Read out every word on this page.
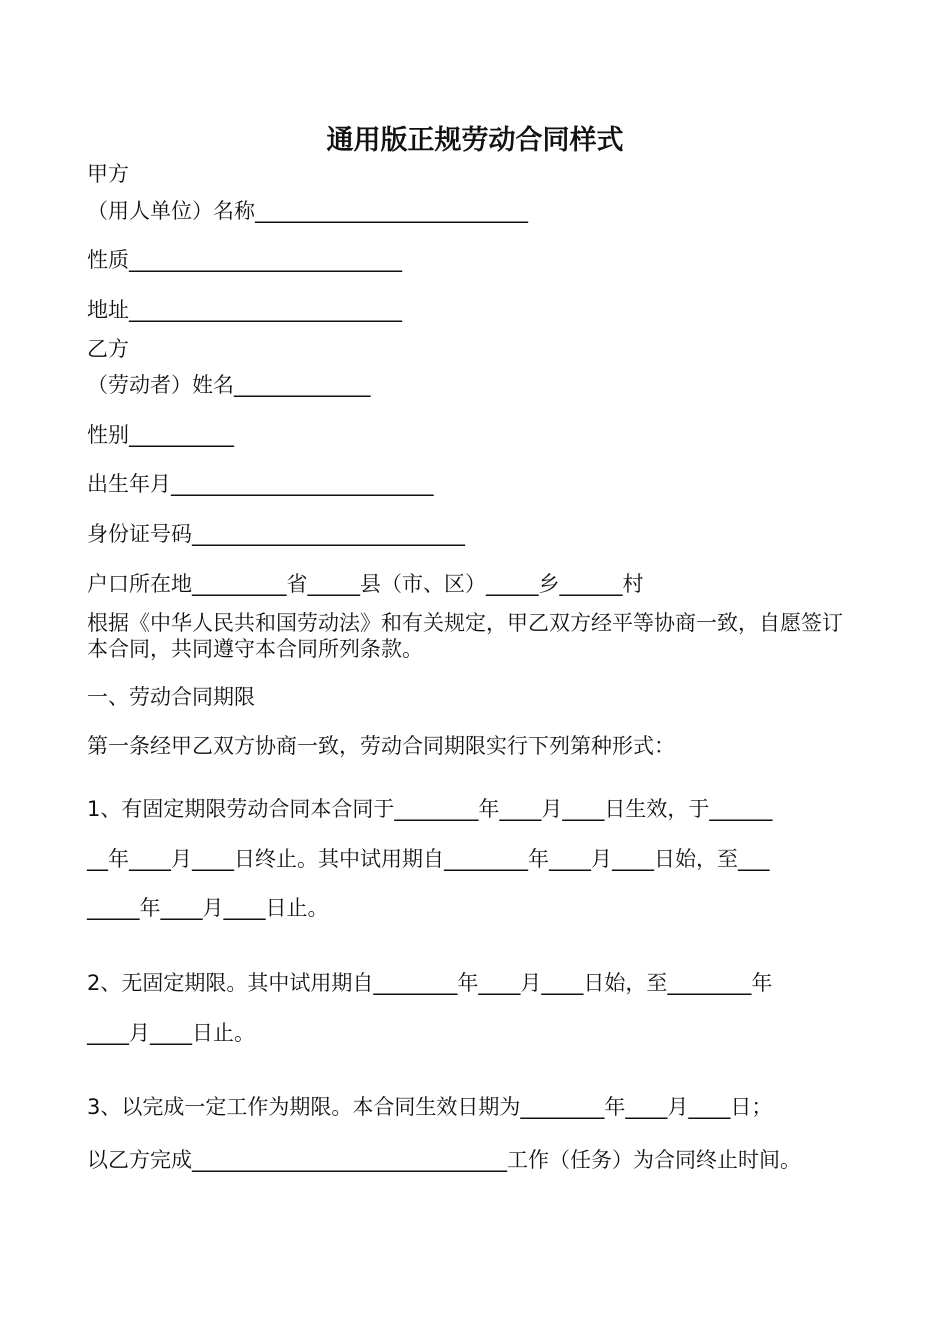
通用版正规劳动合同样式
甲方
（用人单位）名称__________________________
性质__________________________
地址__________________________
乙方
（劳动者）姓名_____________
性别__________
出生年月_________________________
身份证号码__________________________
户口所在地_________省_____县（市、区）_____乡______村
根据《中华人民共和国劳动法》和有关规定，甲乙双方经平等协商一致，自愿签订本合同，共同遵守本合同所列条款。
一、劳动合同期限
第一条经甲乙双方协商一致，劳动合同期限实行下列第种形式：
1、有固定期限劳动合同本合同于________年____月____日生效，于______
__年____月____日终止。其中试用期自________年____月____日始，至___
_____年____月____日止。
2、无固定期限。其中试用期自________年____月____日始，至________年
____月____日止。
3、以完成一定工作为期限。本合同生效日期为________年____月____日；
以乙方完成______________________________工作（任务）为合同终止时间。
